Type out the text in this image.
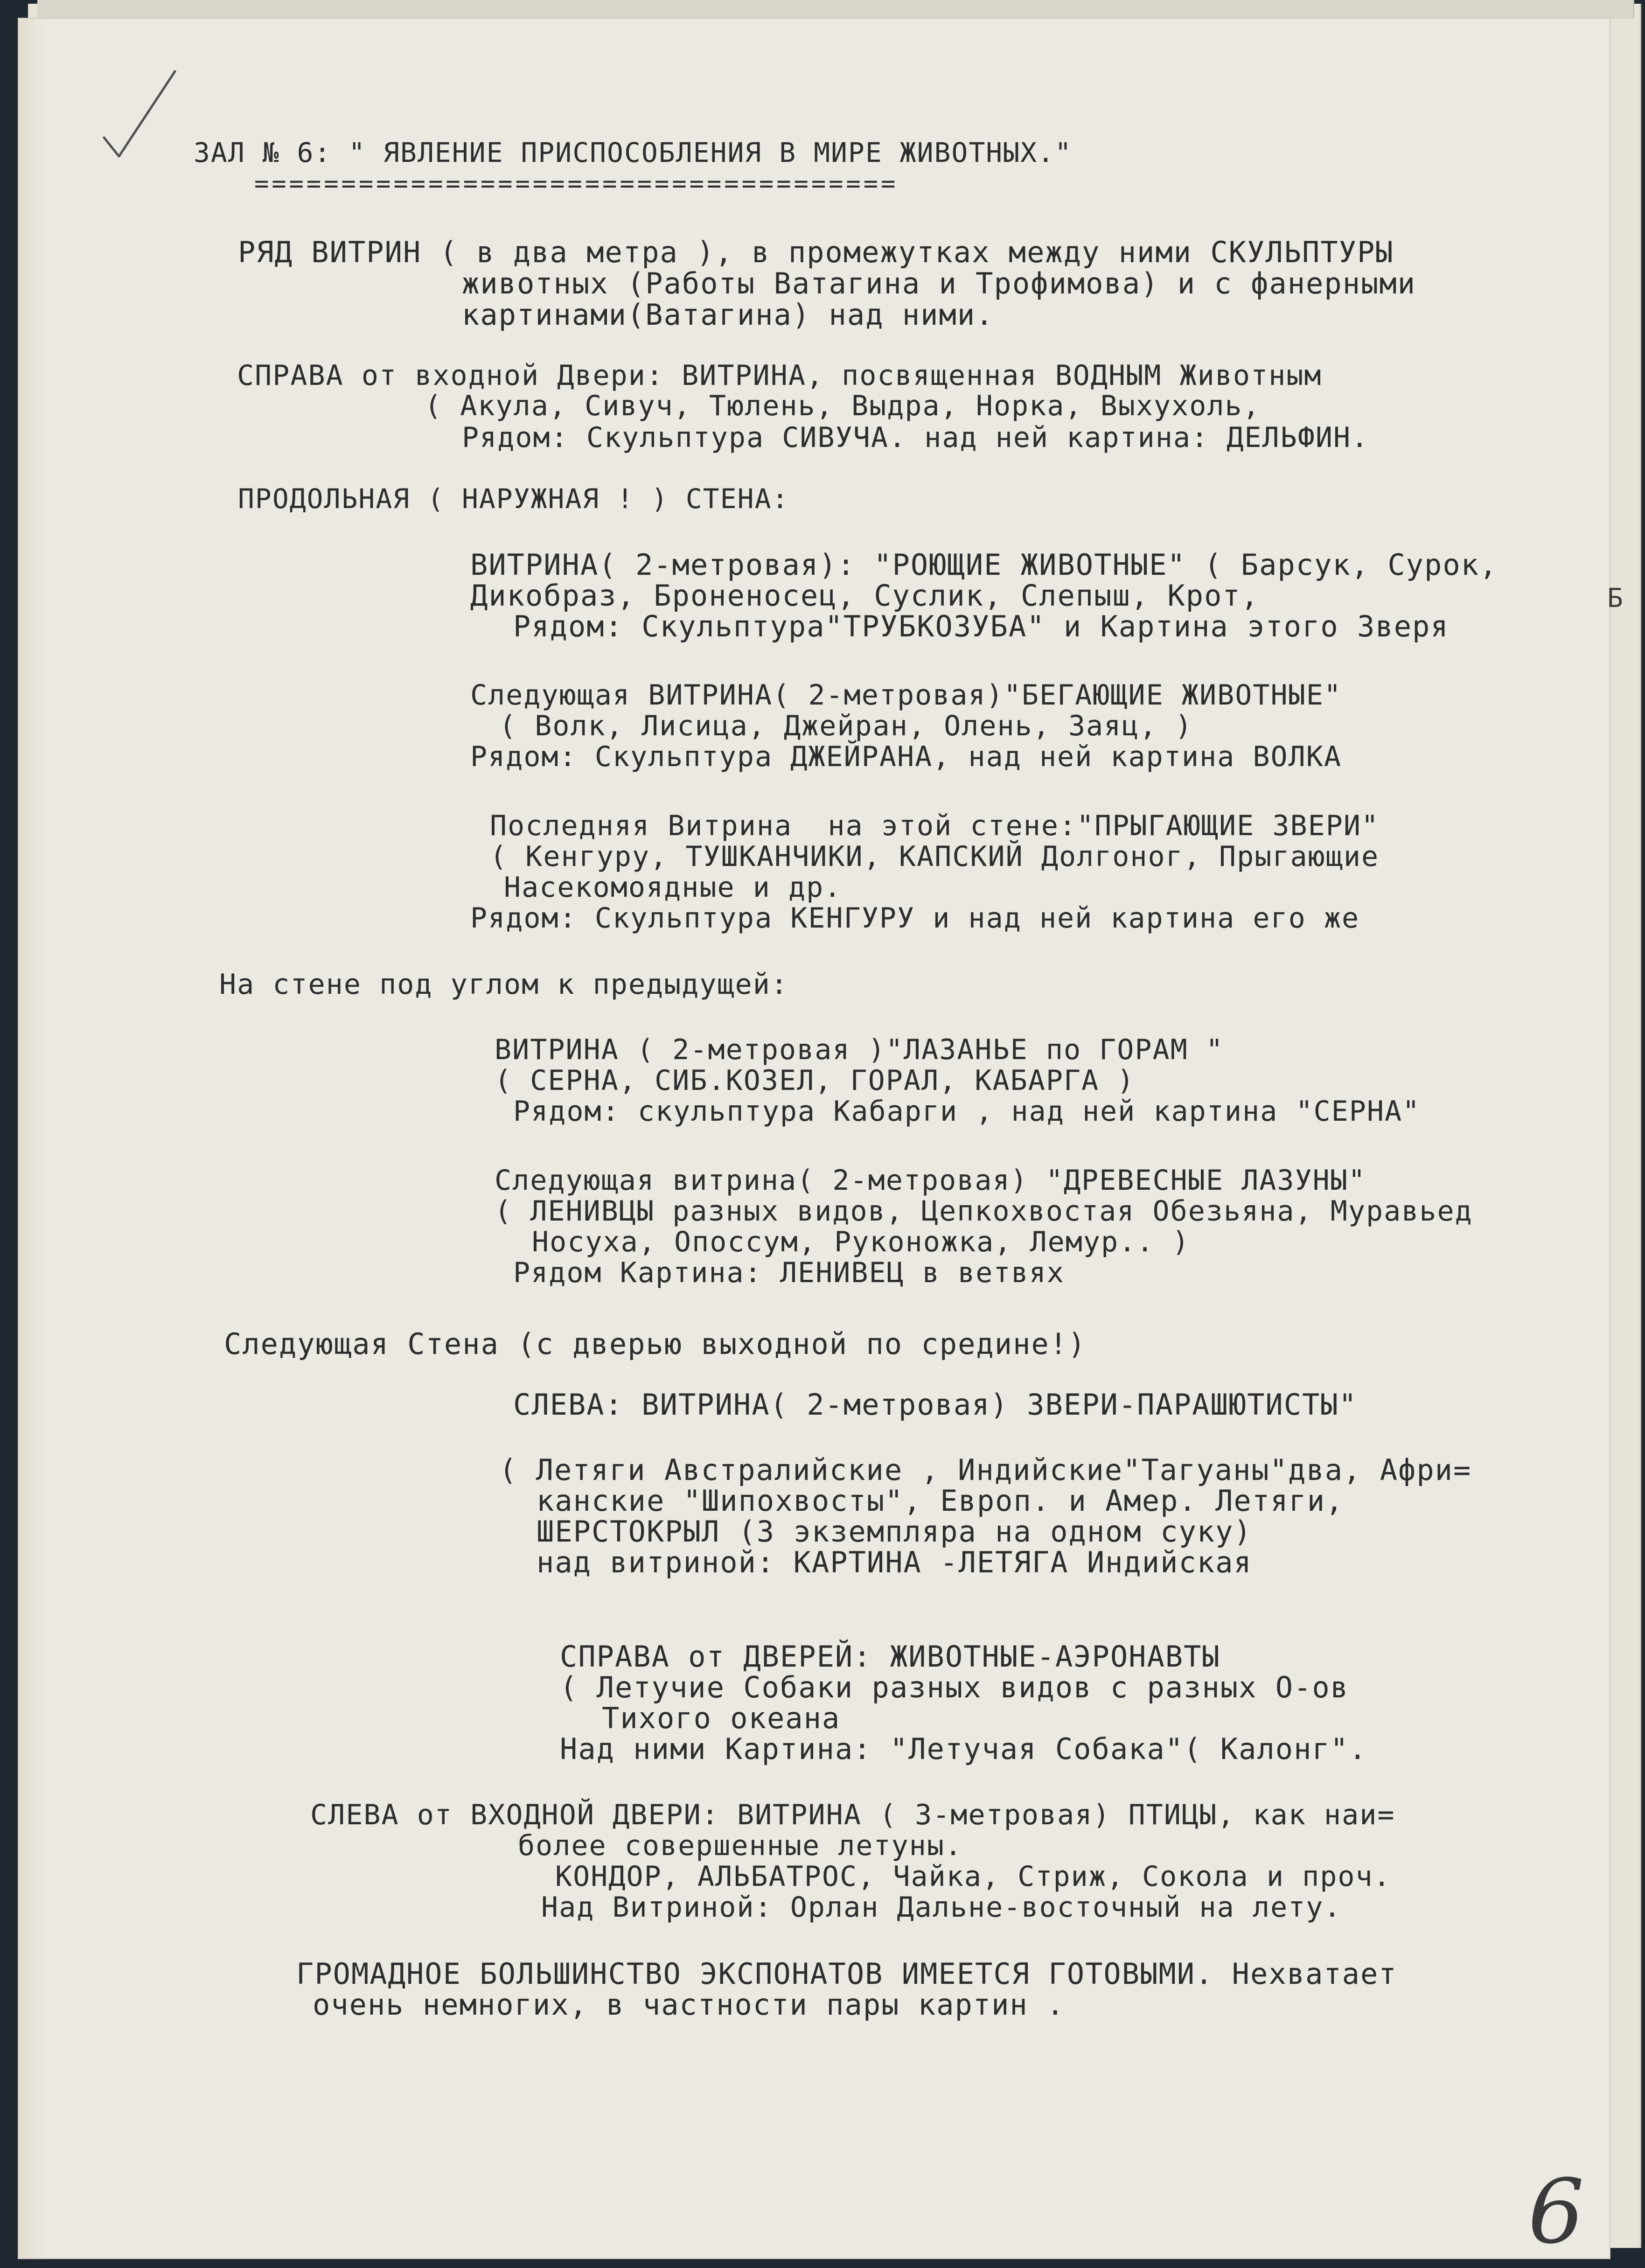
ЗАЛ № 6: " ЯВЛЕНИЕ ПРИСПОСОБЛЕНИЯ В МИРЕ ЖИВОТНЫХ."
=====================================
РЯД ВИТРИН ( в два метра ), в промежутках между ними СКУЛЬПТУРЫ
животных (Работы Ватагина и Трофимова) и с фанерными
картинами(Ватагина) над ними.
СПРАВА от входной Двери: ВИТРИНА, посвященная ВОДНЫМ Животным
( Акула, Сивуч, Тюлень, Выдра, Норка, Выхухоль,
Рядом: Скульптура СИВУЧА. над ней картина: ДЕЛЬФИН.
ПРОДОЛЬНАЯ ( НАРУЖНАЯ ! ) СТЕНА:
ВИТРИНА( 2-метровая): "РОЮЩИЕ ЖИВОТНЫЕ" ( Барсук, Сурок,
Дикобраз, Броненосец, Суслик, Слепыш, Крот,
Рядом: Скульптура"ТРУБКОЗУБА" и Картина этого Зверя
Следующая ВИТРИНА( 2-метровая)"БЕГАЮЩИЕ ЖИВОТНЫЕ"
( Волк, Лисица, Джейран, Олень, Заяц, )
Рядом: Скульптура ДЖЕЙРАНА, над ней картина ВОЛКА
Последняя Витрина  на этой стене:"ПРЫГАЮЩИЕ ЗВЕРИ"
( Кенгуру, ТУШКАНЧИКИ, КАПСКИЙ Долгоног, Прыгающие
Насекомоядные и др.
Рядом: Скульптура КЕНГУРУ и над ней картина его же
На стене под углом к предыдущей:
ВИТРИНА ( 2-метровая )"ЛАЗАНЬЕ по ГОРАМ "
( СЕРНА, СИБ.КОЗЕЛ, ГОРАЛ, КАБАРГА )
Рядом: скульптура Кабарги , над ней картина "СЕРНА"
Следующая витрина( 2-метровая) "ДРЕВЕСНЫЕ ЛАЗУНЫ"
( ЛЕНИВЦЫ разных видов, Цепкохвостая Обезьяна, Муравьед
Носуха, Опоссум, Руконожка, Лемур.. )
Рядом Картина: ЛЕНИВЕЦ в ветвях
Следующая Стена (с дверью выходной по средине!)
СЛЕВА: ВИТРИНА( 2-метровая) ЗВЕРИ-ПАРАШЮТИСТЫ"
( Летяги Австралийские , Индийские"Тагуаны"два, Афри=
канские "Шипохвосты", Европ. и Амер. Летяги,
ШЕРСТОКРЫЛ (3 экземпляра на одном суку)
над витриной: КАРТИНА -ЛЕТЯГА Индийская
СПРАВА от ДВЕРЕЙ: ЖИВОТНЫЕ-АЭРОНАВТЫ
( Летучие Собаки разных видов с разных О-ов
Тихого океана
Над ними Картина: "Летучая Собака"( Калонг".
СЛЕВА от ВХОДНОЙ ДВЕРИ: ВИТРИНА ( 3-метровая) ПТИЦЫ, как наи=
более совершенные летуны.
КОНДОР, АЛЬБАТРОС, Чайка, Стриж, Сокола и проч.
Над Витриной: Орлан Дальне-восточный на лету.
ГРОМАДНОЕ БОЛЬШИНСТВО ЭКСПОНАТОВ ИМЕЕТСЯ ГОТОВЫМИ. Нехватает
очень немногих, в частности пары картин .
6
Б
